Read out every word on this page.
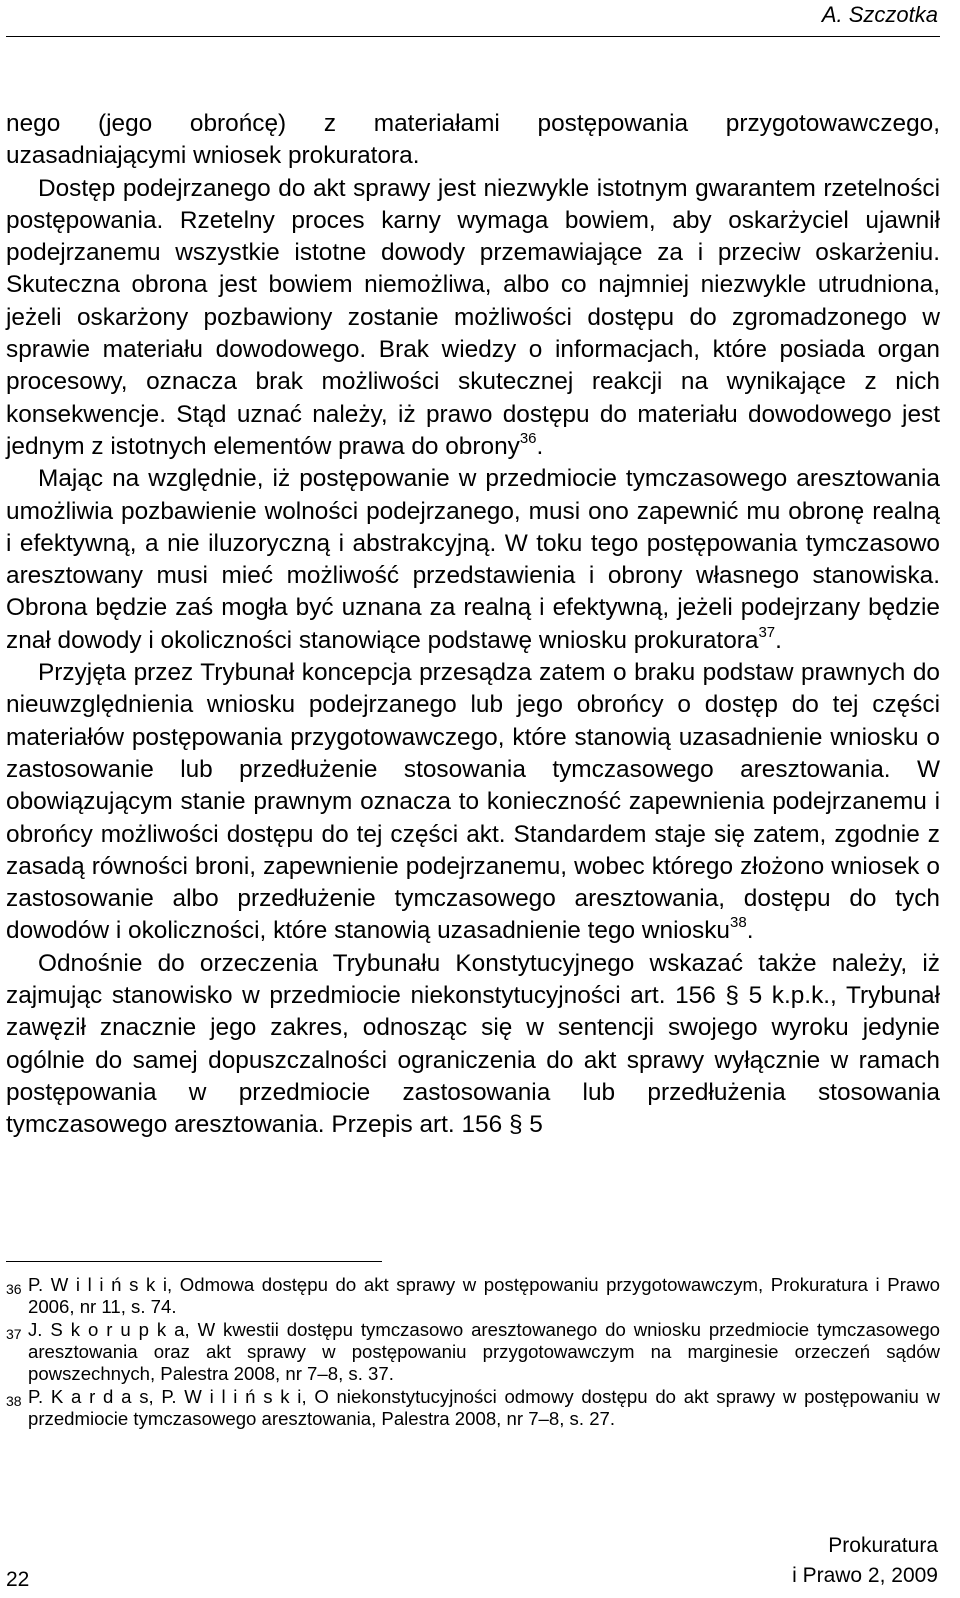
A. Szczotka

nego (jego obrońcę) z materiałami postępowania przygotowawczego, uzasadniającymi wniosek prokuratora.

Dostęp podejrzanego do akt sprawy jest niezwykle istotnym gwarantem rzetelności postępowania. Rzetelny proces karny wymaga bowiem, aby oskarżyciel ujawnił podejrzanemu wszystkie istotne dowody przemawiające za i przeciw oskarżeniu. Skuteczna obrona jest bowiem niemożliwa, albo co najmniej niezwykle utrudniona, jeżeli oskarżony pozbawiony zostanie możliwości dostępu do zgromadzonego w sprawie materiału dowodowego. Brak wiedzy o informacjach, które posiada organ procesowy, oznacza brak możliwości skutecznej reakcji na wynikające z nich konsekwencje. Stąd uznać należy, iż prawo dostępu do materiału dowodowego jest jednym z istotnych elementów prawa do obrony$^{36}$.

Mając na względnie, iż postępowanie w przedmiocie tymczasowego aresztowania umożliwia pozbawienie wolności podejrzanego, musi ono zapewnić mu obronę realną i efektywną, a nie iluzoryczną i abstrakcyjną. W toku tego postępowania tymczasowo aresztowany musi mieć możliwość przedstawienia i obrony własnego stanowiska. Obrona będzie zaś mogła być uznana za realną i efektywną, jeżeli podejrzany będzie znał dowody i okoliczności stanowiące podstawę wniosku prokuratora$^{37}$.

Przyjęta przez Trybunał koncepcja przesądza zatem o braku podstaw prawnych do nieuwzględnienia wniosku podejrzanego lub jego obrońcy o dostęp do tej części materiałów postępowania przygotowawczego, które stanowią uzasadnienie wniosku o zastosowanie lub przedłużenie stosowania tymczasowego aresztowania. W obowiązującym stanie prawnym oznacza to konieczność zapewnienia podejrzanemu i obrońcy możliwości dostępu do tej części akt. Standardem staje się zatem, zgodnie z zasadą równości broni, zapewnienie podejrzanemu, wobec którego złożono wniosek o zastosowanie albo przedłużenie tymczasowego aresztowania, dostępu do tych dowodów i okoliczności, które stanowią uzasadnienie tego wniosku$^{38}$.

Odnośnie do orzeczenia Trybunału Konstytucyjnego wskazać także należy, iż zajmując stanowisko w przedmiocie niekonstytucyjności art. 156 § 5 k.p.k., Trybunał zawęził znacznie jego zakres, odnosząc się w sentencji swojego wyroku jedynie ogólnie do samej dopuszczalności ograniczenia do akt sprawy wyłącznie w ramach postępowania w przedmiocie zastosowania lub przedłużenia stosowania tymczasowego aresztowania. Przepis art. 156 § 5

36 P. W i l i ń s k i, Odmowa dostępu do akt sprawy w postępowaniu przygotowawczym, Prokuratura i Prawo 2006, nr 11, s. 74.
37 J. S k o r u p k a, W kwestii dostępu tymczasowo aresztowanego do wniosku przedmiocie tymczasowego aresztowania oraz akt sprawy w postępowaniu przygotowawczym na marginesie orzeczeń sądów powszechnych, Palestra 2008, nr 7–8, s. 37.
38 P. K a r d a s, P. W i l i ń s k i, O niekonstytucyjności odmowy dostępu do akt sprawy w postępowaniu w przedmiocie tymczasowego aresztowania, Palestra 2008, nr 7–8, s. 27.
22
Prokuratura
i Prawo 2, 2009
